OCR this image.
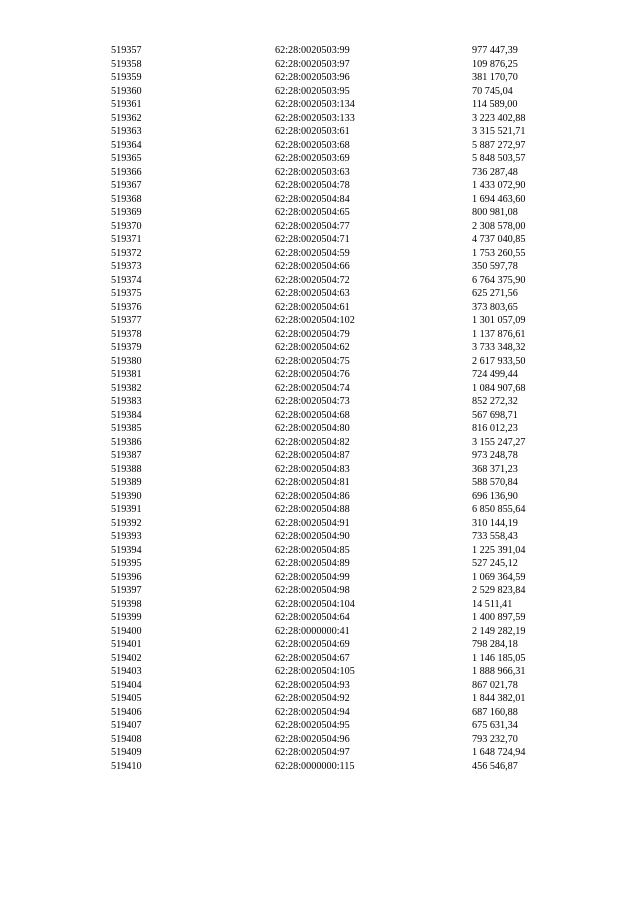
519357	62:28:0020503:99	977 447,39
519358	62:28:0020503:97	109 876,25
519359	62:28:0020503:96	381 170,70
519360	62:28:0020503:95	70 745,04
519361	62:28:0020503:134	114 589,00
519362	62:28:0020503:133	3 223 402,88
519363	62:28:0020503:61	3 315 521,71
519364	62:28:0020503:68	5 887 272,97
519365	62:28:0020503:69	5 848 503,57
519366	62:28:0020503:63	736 287,48
519367	62:28:0020504:78	1 433 072,90
519368	62:28:0020504:84	1 694 463,60
519369	62:28:0020504:65	800 981,08
519370	62:28:0020504:77	2 308 578,00
519371	62:28:0020504:71	4 737 040,85
519372	62:28:0020504:59	1 753 260,55
519373	62:28:0020504:66	350 597,78
519374	62:28:0020504:72	6 764 375,90
519375	62:28:0020504:63	625 271,56
519376	62:28:0020504:61	373 803,65
519377	62:28:0020504:102	1 301 057,09
519378	62:28:0020504:79	1 137 876,61
519379	62:28:0020504:62	3 733 348,32
519380	62:28:0020504:75	2 617 933,50
519381	62:28:0020504:76	724 499,44
519382	62:28:0020504:74	1 084 907,68
519383	62:28:0020504:73	852 272,32
519384	62:28:0020504:68	567 698,71
519385	62:28:0020504:80	816 012,23
519386	62:28:0020504:82	3 155 247,27
519387	62:28:0020504:87	973 248,78
519388	62:28:0020504:83	368 371,23
519389	62:28:0020504:81	588 570,84
519390	62:28:0020504:86	696 136,90
519391	62:28:0020504:88	6 850 855,64
519392	62:28:0020504:91	310 144,19
519393	62:28:0020504:90	733 558,43
519394	62:28:0020504:85	1 225 391,04
519395	62:28:0020504:89	527 245,12
519396	62:28:0020504:99	1 069 364,59
519397	62:28:0020504:98	2 529 823,84
519398	62:28:0020504:104	14 511,41
519399	62:28:0020504:64	1 400 897,59
519400	62:28:0000000:41	2 149 282,19
519401	62:28:0020504:69	798 284,18
519402	62:28:0020504:67	1 146 185,05
519403	62:28:0020504:105	1 888 966,31
519404	62:28:0020504:93	867 021,78
519405	62:28:0020504:92	1 844 382,01
519406	62:28:0020504:94	687 160,88
519407	62:28:0020504:95	675 631,34
519408	62:28:0020504:96	793 232,70
519409	62:28:0020504:97	1 648 724,94
519410	62:28:0000000:115	456 546,87
